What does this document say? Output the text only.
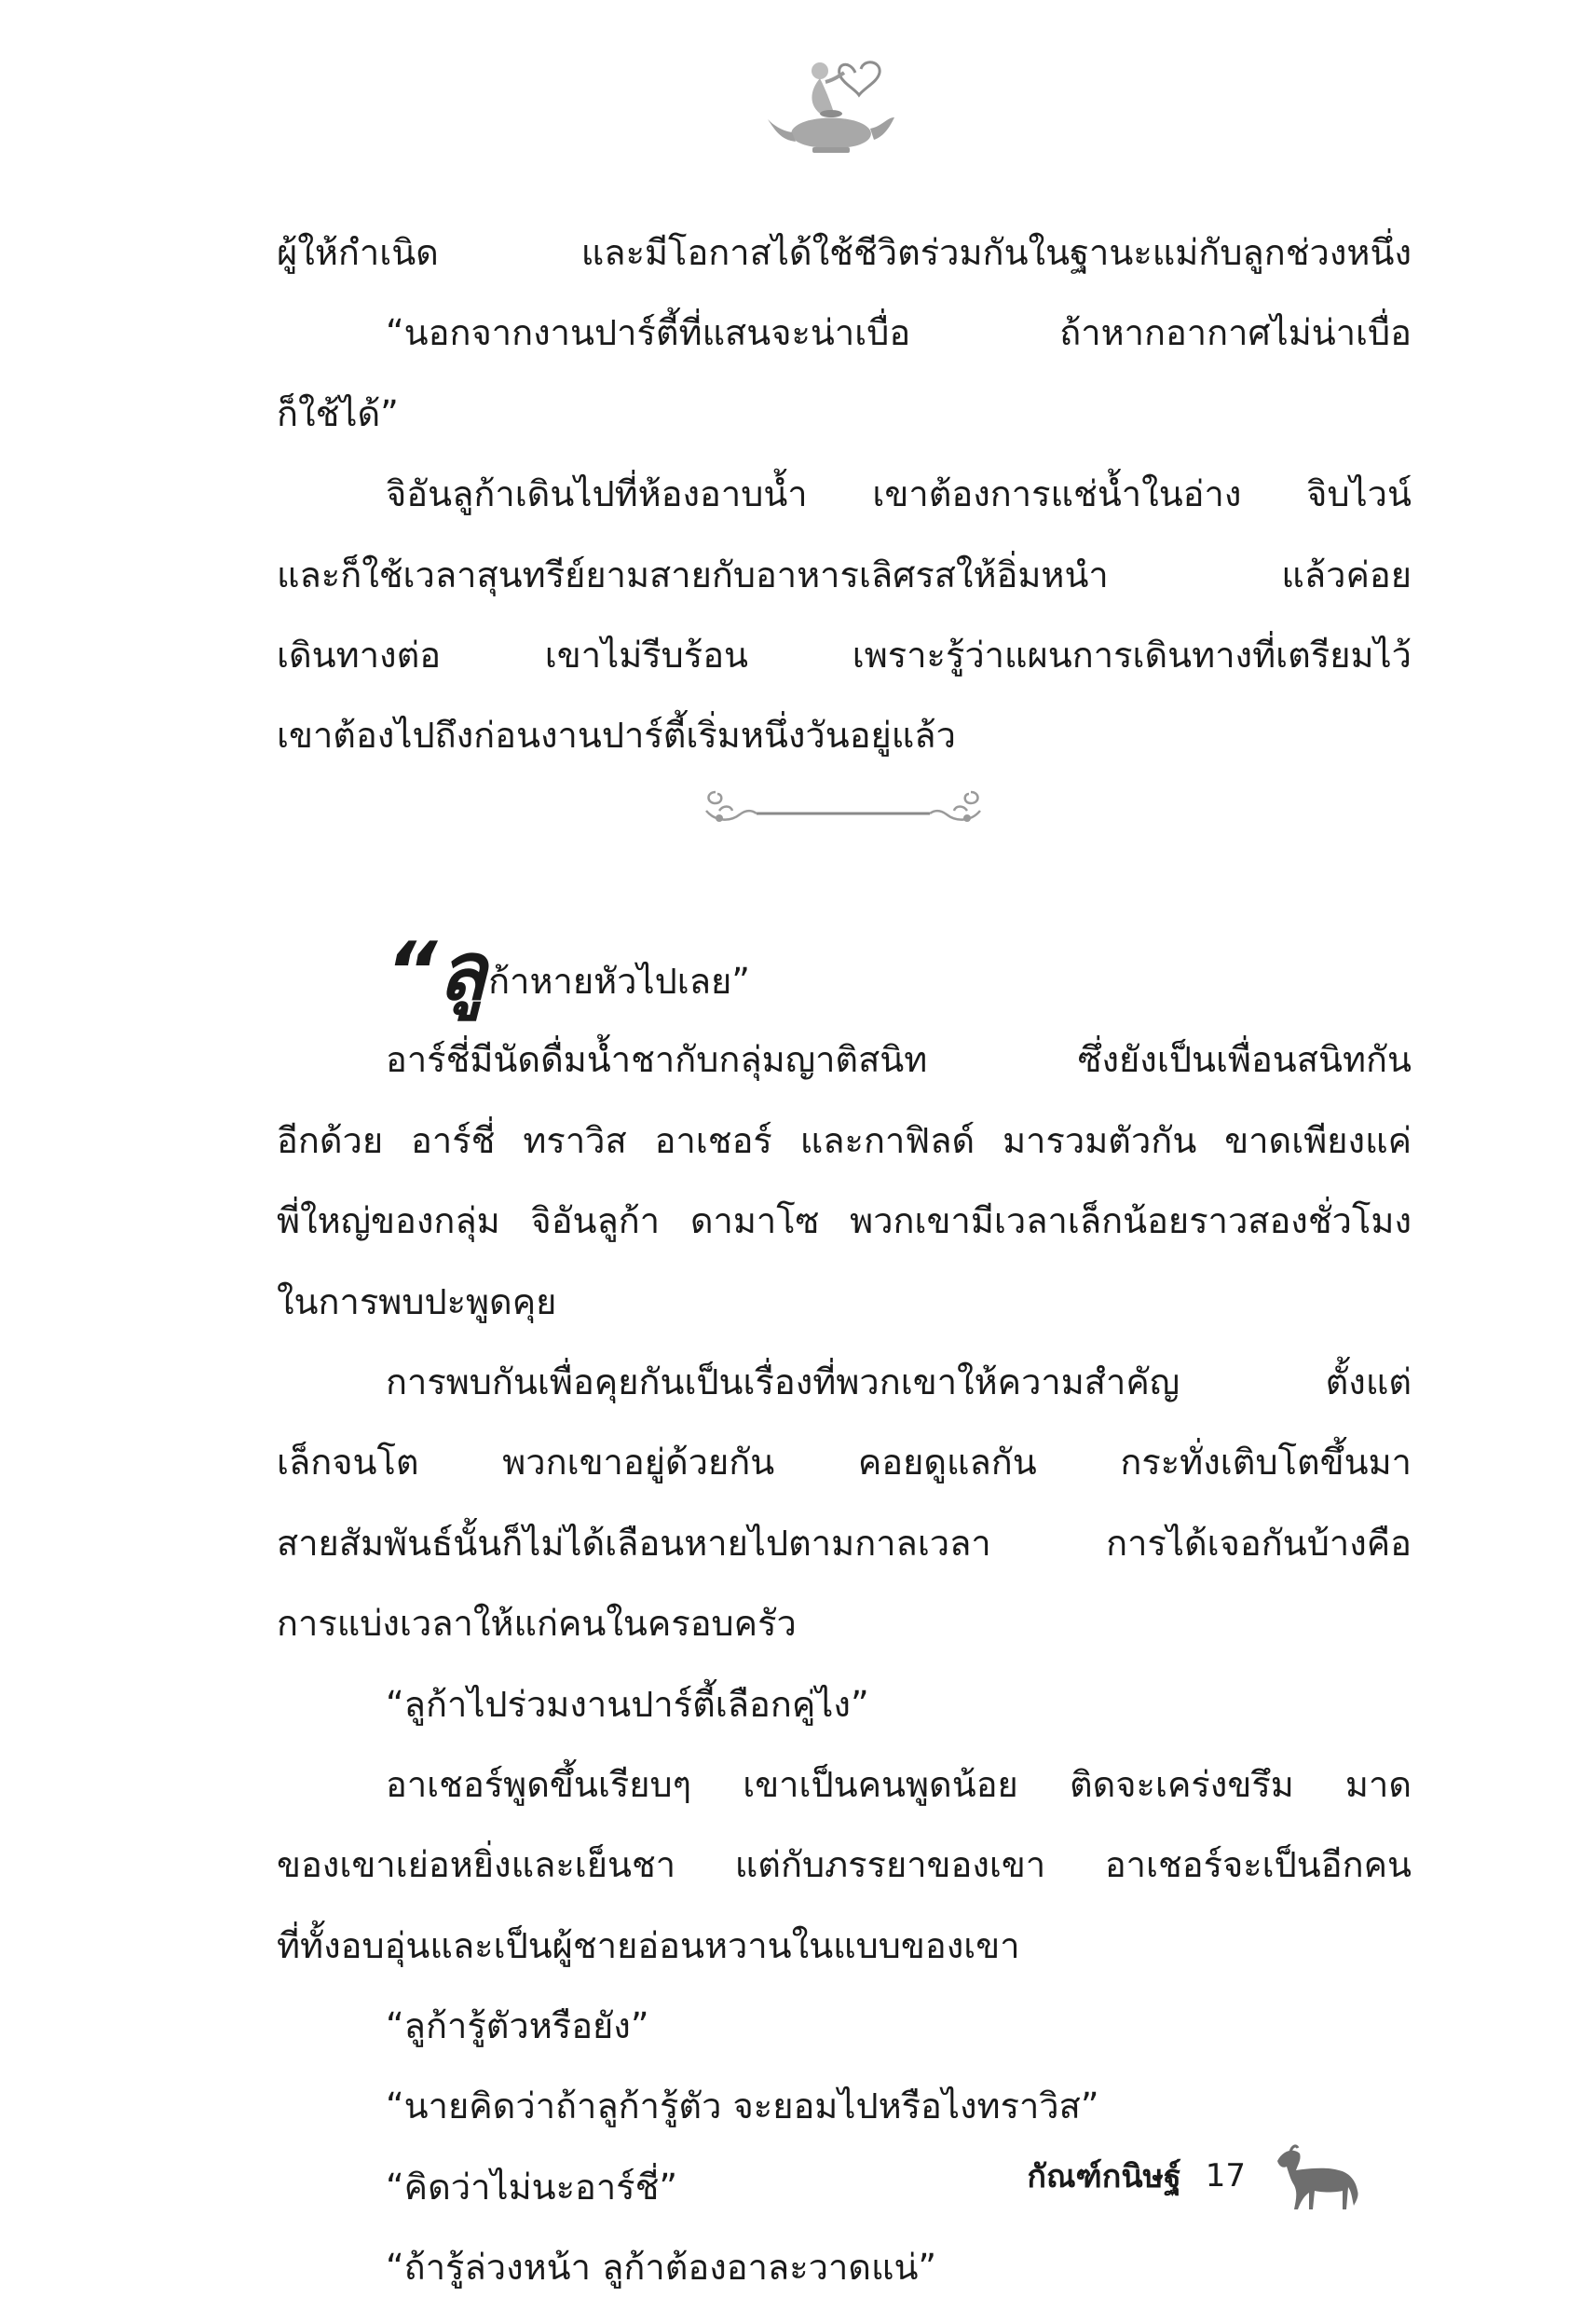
ผู้ให้กำเนิด และมีโอกาสได้ใช้ชีวิตร่วมกันในฐานะแม่กับลูกช่วงหนึ่ง
“นอกจากงานปาร์ตี้ที่แสนจะน่าเบื่อ ถ้าหากอากาศไม่น่าเบื่อ
ก็ใช้ได้”
จิอันลูก้าเดินไปที่ห้องอาบน้ำ เขาต้องการแช่น้ำในอ่าง จิบไวน์
และก็ใช้เวลาสุนทรีย์ยามสายกับอาหารเลิศรสให้อิ่มหนำ แล้วค่อย
เดินทางต่อ เขาไม่รีบร้อน เพราะรู้ว่าแผนการเดินทางที่เตรียมไว้
เขาต้องไปถึงก่อนงานปาร์ตี้เริ่มหนึ่งวันอยู่แล้ว
“ลูก้าหายหัวไปเลย”
อาร์ชี่มีนัดดื่มน้ำชากับกลุ่มญาติสนิท ซึ่งยังเป็นเพื่อนสนิทกัน
อีกด้วย อาร์ชี่ ทราวิส อาเชอร์ และกาฟิลด์ มารวมตัวกัน ขาดเพียงแค่
พี่ใหญ่ของกลุ่ม จิอันลูก้า ดามาโซ พวกเขามีเวลาเล็กน้อยราวสองชั่วโมง
ในการพบปะพูดคุย
การพบกันเพื่อคุยกันเป็นเรื่องที่พวกเขาให้ความสำคัญ ตั้งแต่
เล็กจนโต พวกเขาอยู่ด้วยกัน คอยดูแลกัน กระทั่งเติบโตขึ้นมา
สายสัมพันธ์นั้นก็ไม่ได้เลือนหายไปตามกาลเวลา การได้เจอกันบ้างคือ
การแบ่งเวลาให้แก่คนในครอบครัว
“ลูก้าไปร่วมงานปาร์ตี้เลือกคู่ไง”
อาเชอร์พูดขึ้นเรียบๆ เขาเป็นคนพูดน้อย ติดจะเคร่งขรึม มาด
ของเขาเย่อหยิ่งและเย็นชา แต่กับภรรยาของเขา อาเชอร์จะเป็นอีกคน
ที่ทั้งอบอุ่นและเป็นผู้ชายอ่อนหวานในแบบของเขา
“ลูก้ารู้ตัวหรือยัง”
“นายคิดว่าถ้าลูก้ารู้ตัว จะยอมไปหรือไงทราวิส”
“คิดว่าไม่นะอาร์ชี่”
“ถ้ารู้ล่วงหน้า ลูก้าต้องอาละวาดแน่”
กัณฑ์กนิษฐ์ 17
